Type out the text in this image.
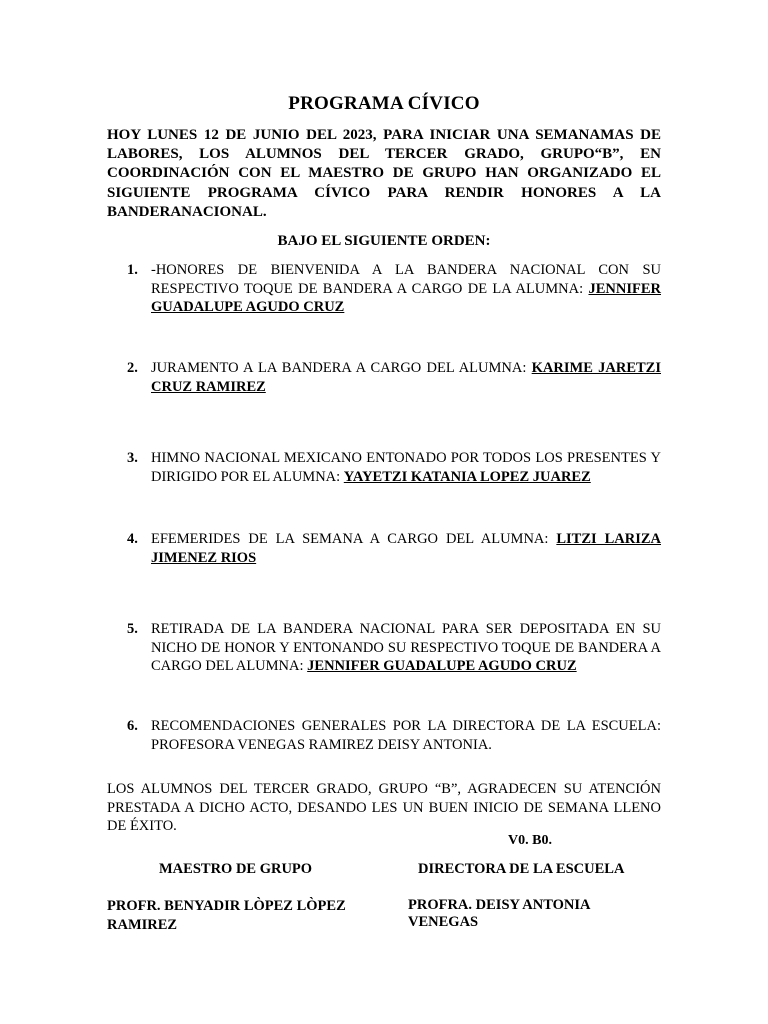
PROGRAMA CÍVICO
HOY LUNES 12 DE JUNIO DEL 2023, PARA INICIAR UNA SEMANAMAS DE LABORES, LOS ALUMNOS DEL TERCER GRADO, GRUPO“B”, EN COORDINACIÓN CON EL MAESTRO DE GRUPO HAN ORGANIZADO EL SIGUIENTE PROGRAMA CÍVICO PARA RENDIR HONORES A LA BANDERANACIONAL.
BAJO EL SIGUIENTE ORDEN:
1. -HONORES DE BIENVENIDA A LA BANDERA NACIONAL CON SU RESPECTIVO TOQUE DE BANDERA A CARGO DE LA ALUMNA: JENNIFER GUADALUPE AGUDO CRUZ
2. JURAMENTO A LA BANDERA A CARGO DEL ALUMNA: KARIME JARETZI CRUZ RAMIREZ
3. HIMNO NACIONAL MEXICANO ENTONADO POR TODOS LOS PRESENTES Y DIRIGIDO POR EL ALUMNA: YAYETZI KATANIA LOPEZ JUAREZ
4. EFEMERIDES DE LA SEMANA A CARGO DEL ALUMNA: LITZI LARIZA JIMENEZ RIOS
5. RETIRADA DE LA BANDERA NACIONAL PARA SER DEPOSITADA EN SU NICHO DE HONOR Y ENTONANDO SU RESPECTIVO TOQUE DE BANDERA A CARGO DEL ALUMNA: JENNIFER GUADALUPE AGUDO CRUZ
6. RECOMENDACIONES GENERALES POR LA DIRECTORA DE LA ESCUELA: PROFESORA VENEGAS RAMIREZ DEISY ANTONIA.
LOS ALUMNOS DEL TERCER GRADO, GRUPO “B”, AGRADECEN SU ATENCIÓN PRESTADA A DICHO ACTO, DESANDO LES UN BUEN INICIO DE SEMANA LLENO DE ÉXITO.
V0. B0.
MAESTRO DE GRUPO	DIRECTORA DE LA ESCUELA
PROFR. BENYADIR LÒPEZ LÒPEZ RAMIREZ
PROFRA. DEISY ANTONIA VENEGAS
